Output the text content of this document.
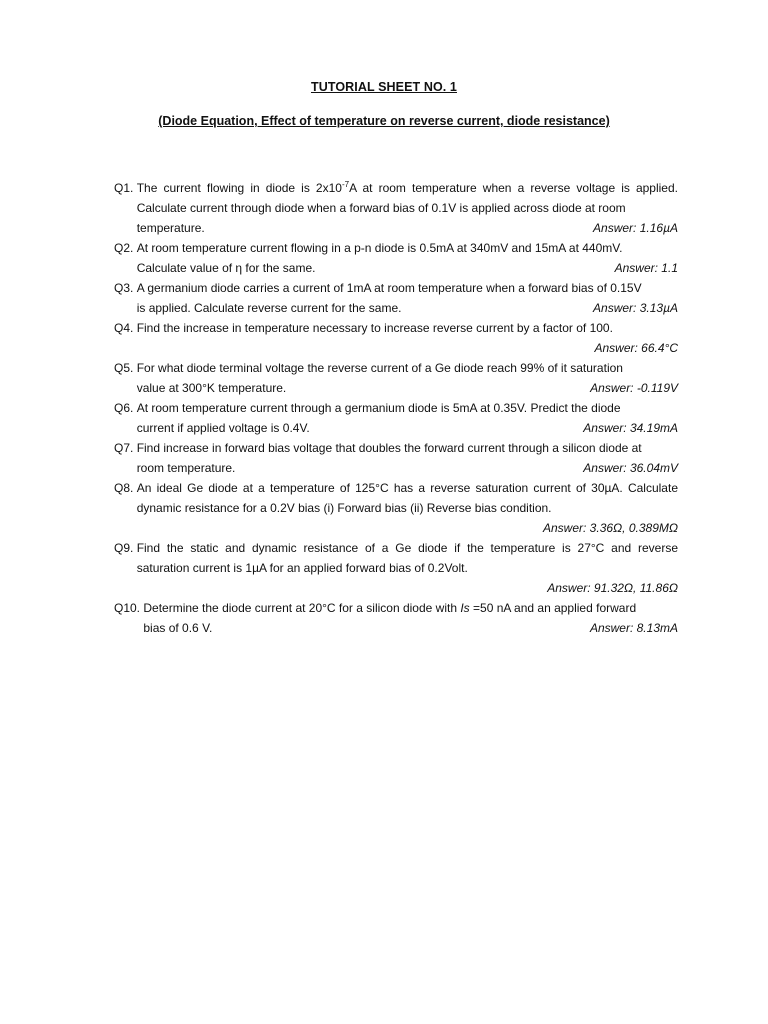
TUTORIAL SHEET NO. 1
(Diode Equation, Effect of temperature on reverse current, diode resistance)
Q1.
The current flowing in diode is $2x10^{-7}A$ at room temperature when a reverse voltage is applied. Calculate current through diode when a forward bias of 0.1V is applied across diode at room
temperature.	Answer: 1.16µA
Q2.
At room temperature current flowing in a p-n diode is 0.5mA at 340mV and 15mA at 440mV.
Calculate value of η for the same.	Answer: 1.1
Q3.
A germanium diode carries a current of 1mA at room temperature when a forward bias of 0.15V
is applied. Calculate reverse current for the same.	Answer: 3.13µA
Q4.
Find the increase in temperature necessary to increase reverse current by a factor of 100.
Answer: 66.4°C
Q5.
For what diode terminal voltage the reverse current of a Ge diode reach 99% of it saturation
value at 300°K temperature.	Answer: -0.119V
Q6.
At room temperature current through a germanium diode is 5mA at 0.35V. Predict the diode
current if applied voltage is 0.4V.	Answer: 34.19mA
Q7.
Find increase in forward bias voltage that doubles the forward current through a silicon diode at
room temperature.	Answer: 36.04mV
Q8.
An ideal Ge diode at a temperature of 125°C has a reverse saturation current of 30µA. Calculate dynamic resistance for a 0.2V bias (i) Forward bias (ii) Reverse bias condition.
Answer: 3.36Ω, 0.389MΩ
Q9.
Find the static and dynamic resistance of a Ge diode if the temperature is 27°C and reverse saturation current is 1µA for an applied forward bias of 0.2Volt.
Answer: 91.32Ω, 11.86Ω
Q10.
Determine the diode current at 20°C for a silicon diode with Is =50 nA and an applied forward
bias of 0.6 V.	Answer: 8.13mA
